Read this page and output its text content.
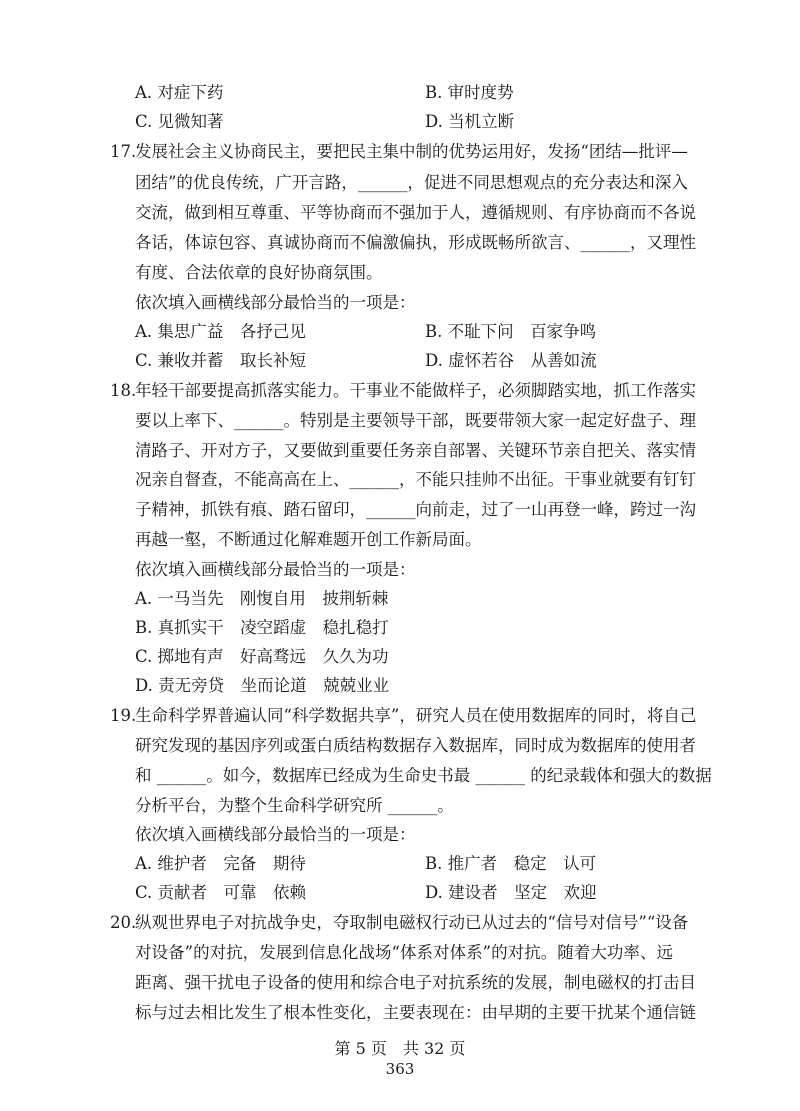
A. 对症下药	B. 审时度势
C. 见微知著	D. 当机立断
17.
发展社会主义协商民主，要把民主集中制的优势运用好，发扬“团结—批评—
团结”的优良传统，广开言路，______，促进不同思想观点的充分表达和深入
交流，做到相互尊重、平等协商而不强加于人，遵循规则、有序协商而不各说
各话，体谅包容、真诚协商而不偏激偏执，形成既畅所欲言、______，又理性
有度、合法依章的良好协商氛围。
依次填入画横线部分最恰当的一项是：
A. 集思广益　各抒己见	B. 不耻下问　百家争鸣
C. 兼收并蓄　取长补短	D. 虚怀若谷　从善如流
18.
年轻干部要提高抓落实能力。干事业不能做样子，必须脚踏实地，抓工作落实
要以上率下、______。特别是主要领导干部，既要带领大家一起定好盘子、理
清路子、开对方子，又要做到重要任务亲自部署、关键环节亲自把关、落实情
况亲自督查，不能高高在上、______，不能只挂帅不出征。干事业就要有钉钉
子精神，抓铁有痕、踏石留印，______向前走，过了一山再登一峰，跨过一沟
再越一壑，不断通过化解难题开创工作新局面。
依次填入画横线部分最恰当的一项是：
A. 一马当先　刚愎自用　披荆斩棘
B. 真抓实干　凌空蹈虚　稳扎稳打
C. 掷地有声　好高骛远　久久为功
D. 责无旁贷　坐而论道　兢兢业业
19.
生命科学界普遍认同“科学数据共享”，研究人员在使用数据库的同时，将自己
研究发现的基因序列或蛋白质结构数据存入数据库，同时成为数据库的使用者
和 ______。如今，数据库已经成为生命史书最 ______ 的纪录载体和强大的数据
分析平台，为整个生命科学研究所 ______。
依次填入画横线部分最恰当的一项是：
A. 维护者　完备　期待	B. 推广者　稳定　认可
C. 贡献者　可靠　依赖	D. 建设者　坚定　欢迎
20.
纵观世界电子对抗战争史，夺取制电磁权行动已从过去的“信号对信号”“设备
对设备”的对抗，发展到信息化战场“体系对体系”的对抗。随着大功率、远
距离、强干扰电子设备的使用和综合电子对抗系统的发展，制电磁权的打击目
标与过去相比发生了根本性变化，主要表现在：由早期的主要干扰某个通信链
第 5 页　共 32 页
363
